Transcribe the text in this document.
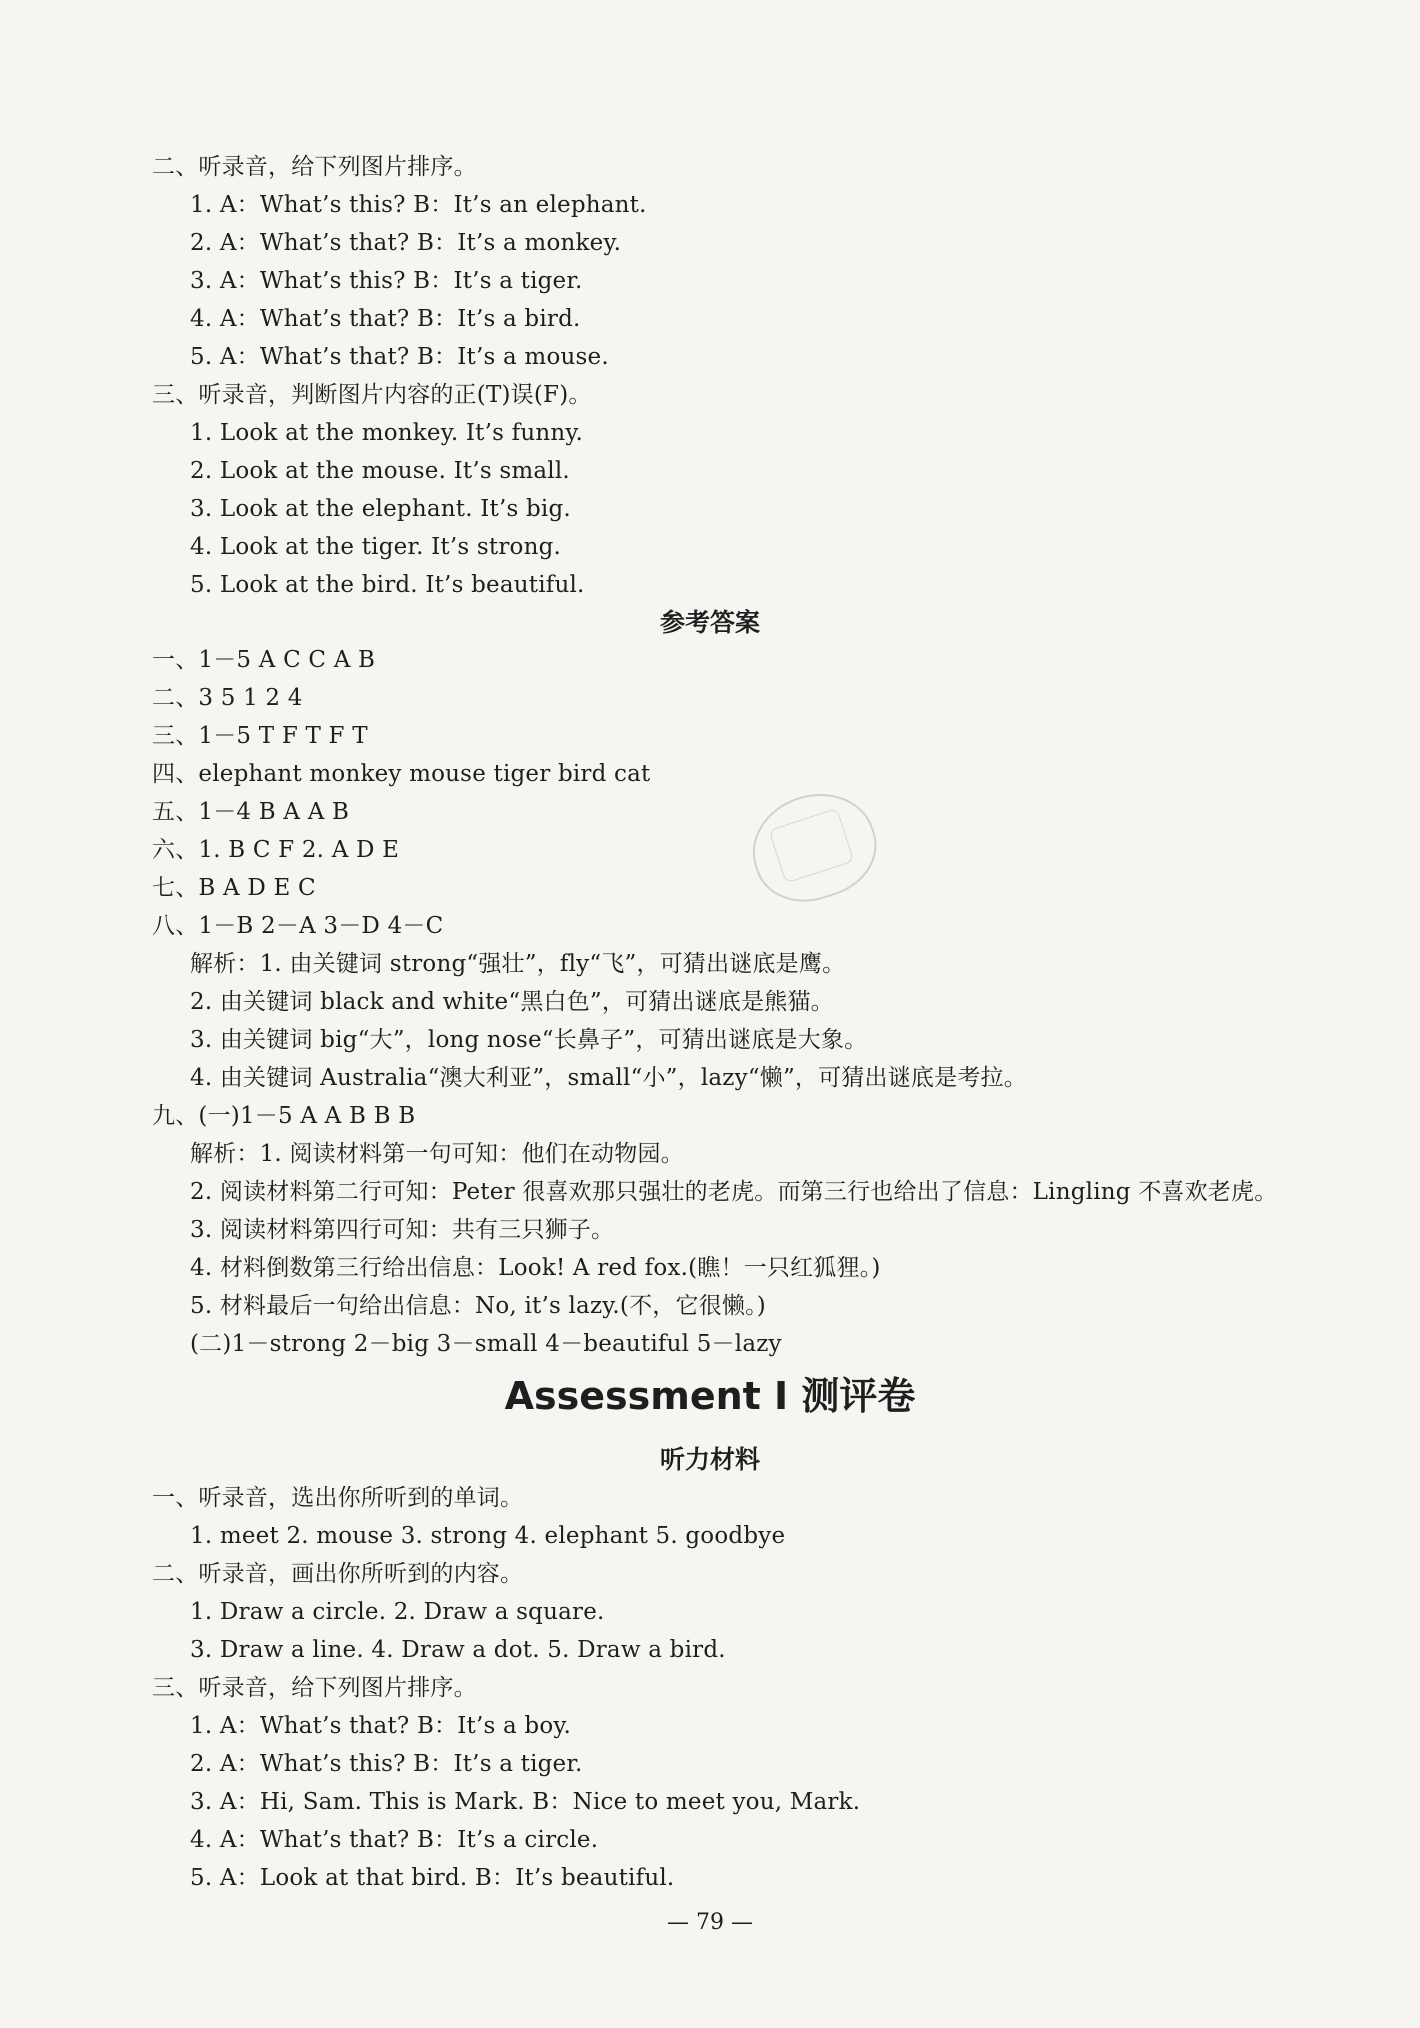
二、听录音，给下列图片排序。
1. A：What’s this? B：It’s an elephant.
2. A：What’s that? B：It’s a monkey.
3. A：What’s this? B：It’s a tiger.
4. A：What’s that? B：It’s a bird.
5. A：What’s that? B：It’s a mouse.
三、听录音，判断图片内容的正(T)误(F)。
1. Look at the monkey. It’s funny.
2. Look at the mouse. It’s small.
3. Look at the elephant. It’s big.
4. Look at the tiger. It’s strong.
5. Look at the bird. It’s beautiful.
参考答案
一、1－5 A C C A B
二、3 5 1 2 4
三、1－5 T F T F T
四、elephant monkey mouse tiger bird cat
五、1－4 B A A B
六、1. B C F 2. A D E
七、B A D E C
八、1－B 2－A 3－D 4－C
解析：1. 由关键词 strong“强壮”，fly“飞”，可猜出谜底是鹰。
2. 由关键词 black and white“黑白色”，可猜出谜底是熊猫。
3. 由关键词 big“大”，long nose“长鼻子”，可猜出谜底是大象。
4. 由关键词 Australia“澳大利亚”，small“小”，lazy“懒”，可猜出谜底是考拉。
九、(一)1－5 A A B B B
解析：1. 阅读材料第一句可知：他们在动物园。
2. 阅读材料第二行可知：Peter 很喜欢那只强壮的老虎。而第三行也给出了信息：Lingling 不喜欢老虎。
3. 阅读材料第四行可知：共有三只狮子。
4. 材料倒数第三行给出信息：Look! A red fox.(瞧！一只红狐狸。)
5. 材料最后一句给出信息：No, it’s lazy.(不，它很懒。)
(二)1－strong 2－big 3－small 4－beautiful 5－lazy
Assessment Ⅰ 测评卷
听力材料
一、听录音，选出你所听到的单词。
1. meet 2. mouse 3. strong 4. elephant 5. goodbye
二、听录音，画出你所听到的内容。
1. Draw a circle. 2. Draw a square.
3. Draw a line. 4. Draw a dot. 5. Draw a bird.
三、听录音，给下列图片排序。
1. A：What’s that? B：It’s a boy.
2. A：What’s this? B：It’s a tiger.
3. A：Hi, Sam. This is Mark. B：Nice to meet you, Mark.
4. A：What’s that? B：It’s a circle.
5. A：Look at that bird. B：It’s beautiful.
— 79 —
